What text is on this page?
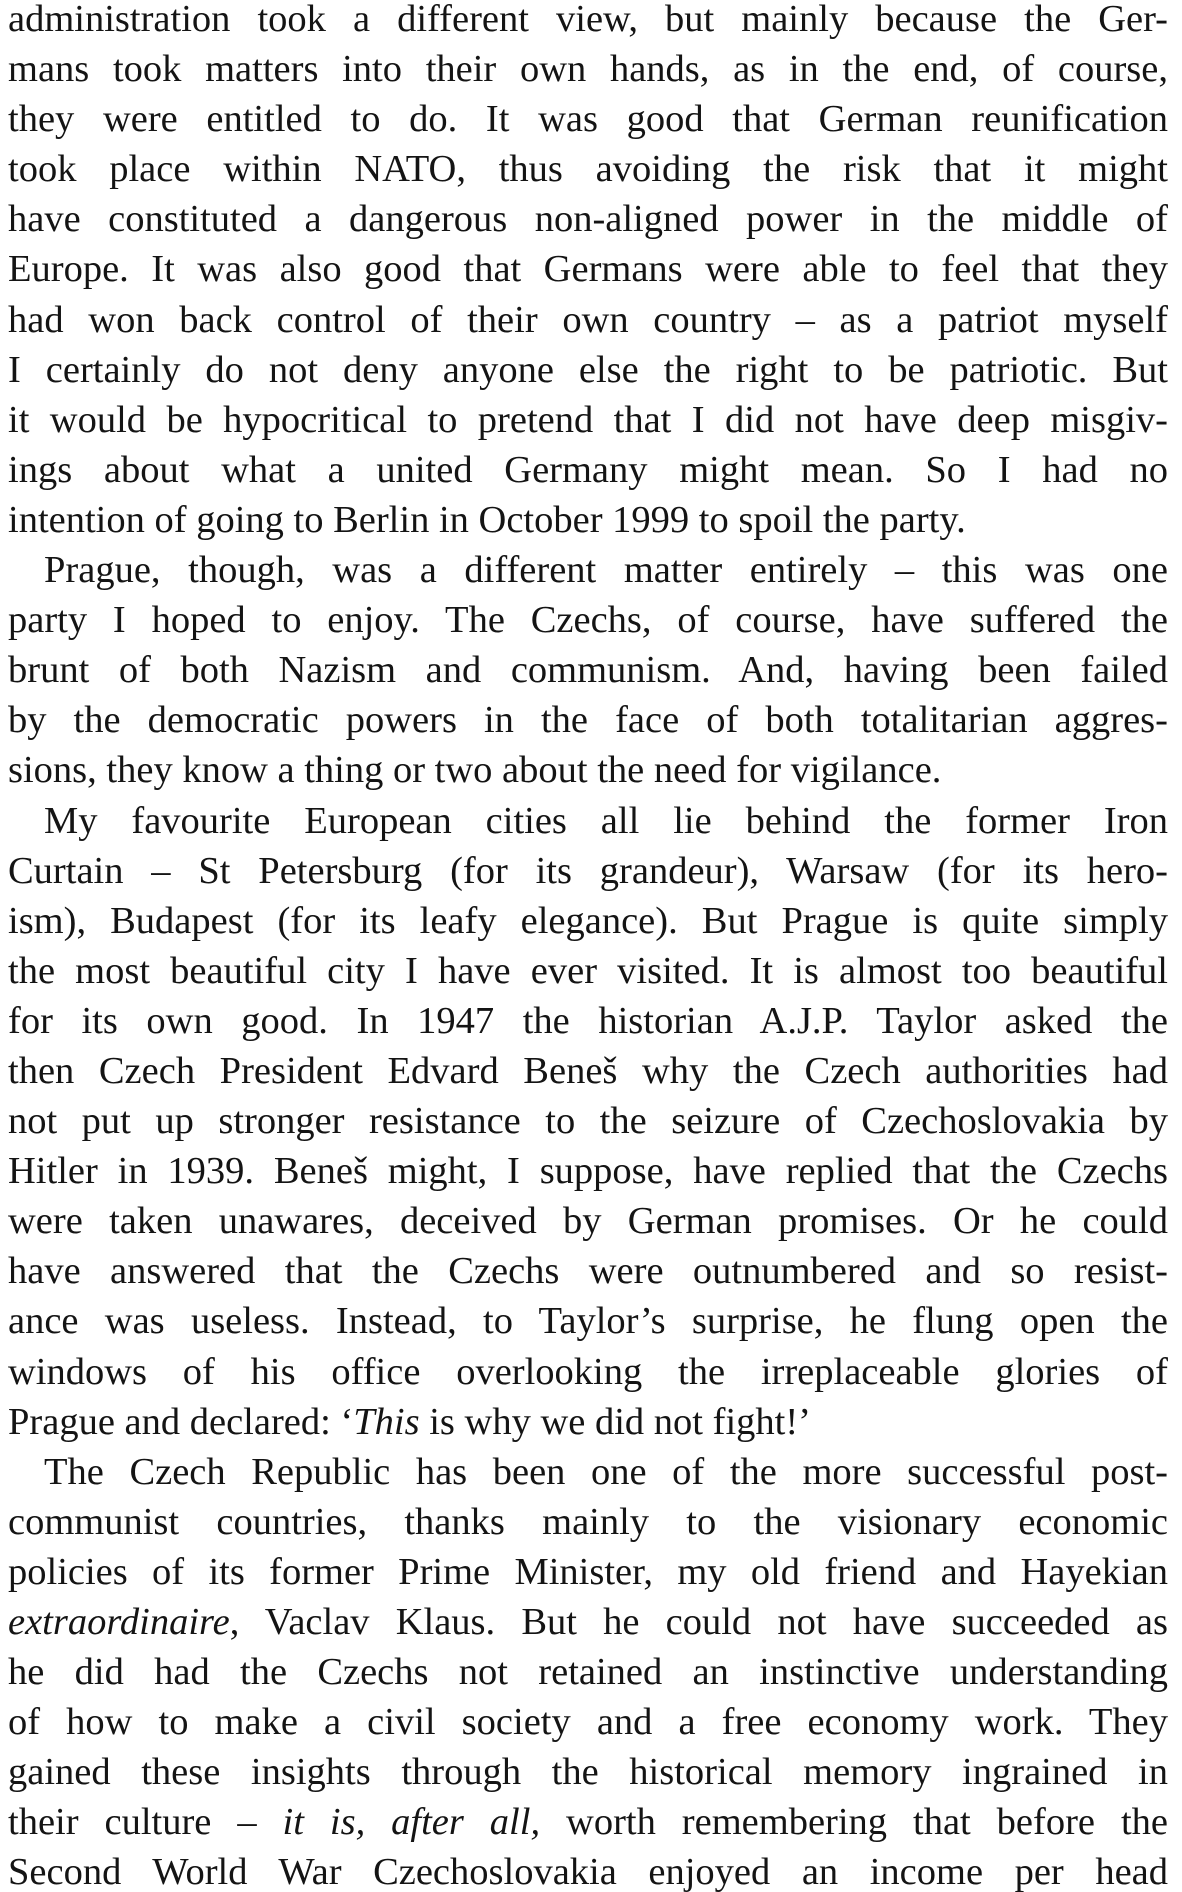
administration took a different view, but mainly because the Ger-
mans took matters into their own hands, as in the end, of course,
they were entitled to do. It was good that German reunification
took place within NATO, thus avoiding the risk that it might
have constituted a dangerous non-aligned power in the middle of
Europe. It was also good that Germans were able to feel that they
had won back control of their own country – as a patriot myself
I certainly do not deny anyone else the right to be patriotic. But
it would be hypocritical to pretend that I did not have deep misgiv-
ings about what a united Germany might mean. So I had no
intention of going to Berlin in October 1999 to spoil the party.
Prague, though, was a different matter entirely – this was one
party I hoped to enjoy. The Czechs, of course, have suffered the
brunt of both Nazism and communism. And, having been failed
by the democratic powers in the face of both totalitarian aggres-
sions, they know a thing or two about the need for vigilance.
My favourite European cities all lie behind the former Iron
Curtain – St Petersburg (for its grandeur), Warsaw (for its hero-
ism), Budapest (for its leafy elegance). But Prague is quite simply
the most beautiful city I have ever visited. It is almost too beautiful
for its own good. In 1947 the historian A.J.P. Taylor asked the
then Czech President Edvard Beneš why the Czech authorities had
not put up stronger resistance to the seizure of Czechoslovakia by
Hitler in 1939. Beneš might, I suppose, have replied that the Czechs
were taken unawares, deceived by German promises. Or he could
have answered that the Czechs were outnumbered and so resist-
ance was useless. Instead, to Taylor’s surprise, he flung open the
windows of his office overlooking the irreplaceable glories of
Prague and declared: ‘This is why we did not fight!’
The Czech Republic has been one of the more successful post-
communist countries, thanks mainly to the visionary economic
policies of its former Prime Minister, my old friend and Hayekian
extraordinaire, Vaclav Klaus. But he could not have succeeded as
he did had the Czechs not retained an instinctive understanding
of how to make a civil society and a free economy work. They
gained these insights through the historical memory ingrained in
their culture – it is, after all, worth remembering that before the
Second World War Czechoslovakia enjoyed an income per head
